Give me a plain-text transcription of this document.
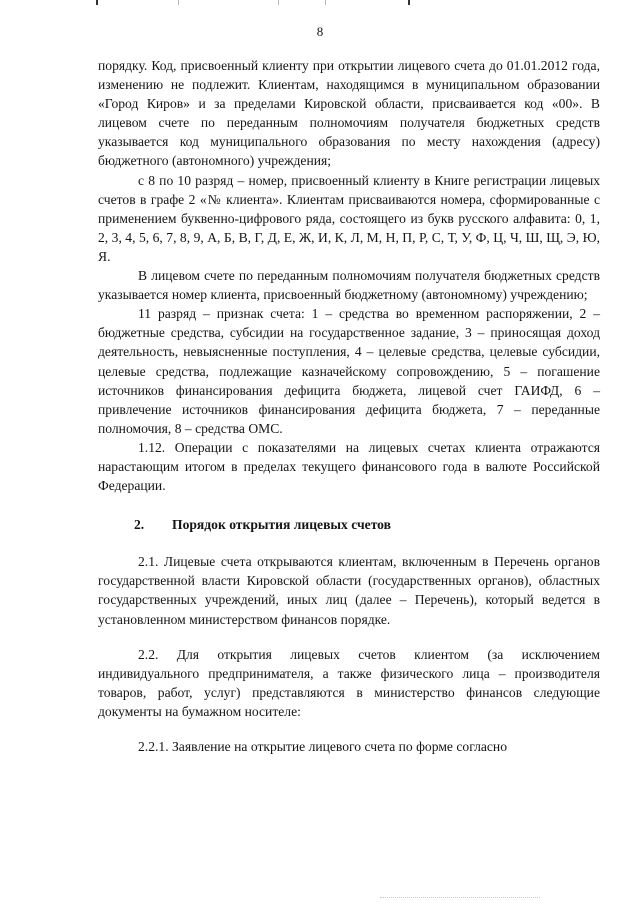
8

порядку. Код, присвоенный клиенту при открытии лицевого счета до 01.01.2012 года, изменению не подлежит. Клиентам, находящимся в муниципальном образовании «Город Киров» и за пределами Кировской области, присваивается код «00». В лицевом счете по переданным полномочиям получателя бюджетных средств указывается код муниципального образования по месту нахождения (адресу) бюджетного (автономного) учреждения;

с 8 по 10 разряд – номер, присвоенный клиенту в Книге регистрации лицевых счетов в графе 2 «№ клиента». Клиентам присваиваются номера, сформированные с применением буквенно-цифрового ряда, состоящего из букв русского алфавита: 0, 1, 2, 3, 4, 5, 6, 7, 8, 9, А, Б, В, Г, Д, Е, Ж, И, К, Л, М, Н, П, Р, С, Т, У, Ф, Ц, Ч, Ш, Щ, Э, Ю, Я.

В лицевом счете по переданным полномочиям получателя бюджетных средств указывается номер клиента, присвоенный бюджетному (автономному) учреждению;

11 разряд – признак счета: 1 – средства во временном распоряжении, 2 – бюджетные средства, субсидии на государственное задание, 3 – приносящая доход деятельность, невыясненные поступления, 4 – целевые средства, целевые субсидии, целевые средства, подлежащие казначейскому сопровождению, 5 – погашение источников финансирования дефицита бюджета, лицевой счет ГАИФД, 6 – привлечение источников финансирования дефицита бюджета, 7 – переданные полномочия, 8 – средства ОМС.

1.12. Операции с показателями на лицевых счетах клиента отражаются нарастающим итогом в пределах текущего финансового года в валюте Российской Федерации.

2.	Порядок открытия лицевых счетов

2.1. Лицевые счета открываются клиентам, включенным в Перечень органов государственной власти Кировской области (государственных органов), областных государственных учреждений, иных лиц (далее – Перечень), который ведется в установленном министерством финансов порядке.

2.2. Для открытия лицевых счетов клиентом (за исключением индивидуального предпринимателя, а также физического лица – производителя товаров, работ, услуг) представляются в министерство финансов следующие документы на бумажном носителе:

2.2.1. Заявление на открытие лицевого счета по форме согласно
